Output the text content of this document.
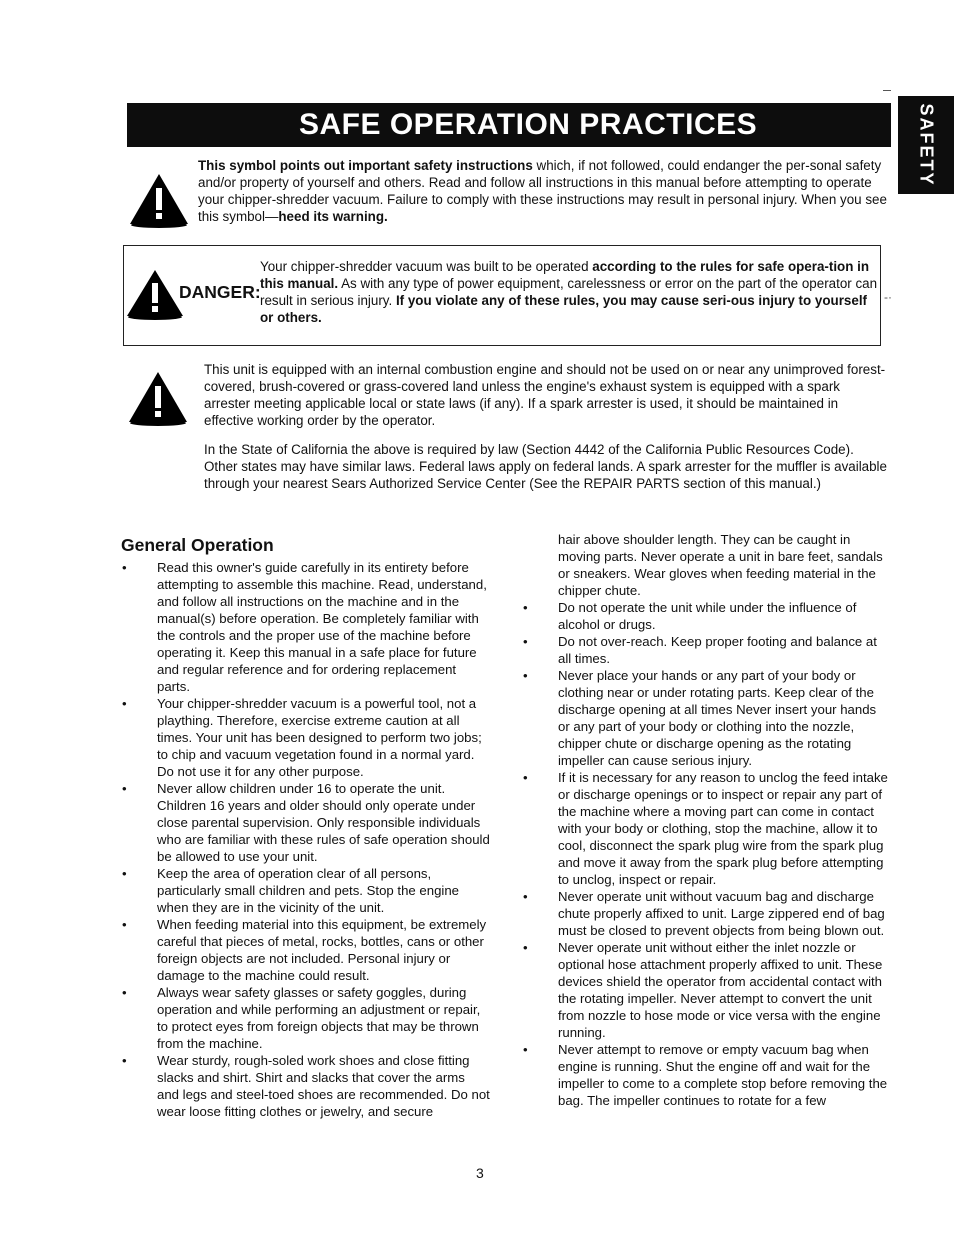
SAFE OPERATION PRACTICES	SAFETY
This symbol points out important safety instructions which, if not followed, could endanger the per-sonal safety and/or property of yourself and others. Read and follow all instructions in this manual before attempting to operate your chipper-shredder vacuum. Failure to comply with these instructions may result in personal injury. When you see this symbol—heed its warning.
DANGER:
Your chipper-shredder vacuum was built to be operated according to the rules for safe opera-tion in this manual. As with any type of power equipment, carelessness or error on the part of the operator can result in serious injury. If you violate any of these rules, you may cause seri-ous injury to yourself or others.
-·
This unit is equipped with an internal combustion engine and should not be used on or near any unimproved forest-covered, brush-covered or grass-covered land unless the engine's exhaust system is equipped with a spark arrester meeting applicable local or state laws (if any). If a spark arrester is used, it should be maintained in effective working order by the operator.
In the State of California the above is required by law (Section 4442 of the California Public Resources Code). Other states may have similar laws. Federal laws apply on federal lands. A spark arrester for the muffler is available through your nearest Sears Authorized Service Center (See the REPAIR PARTS section of this manual.)
General Operation

• Read this owner's guide carefully in its entirety before attempting to assemble this machine. Read, understand, and follow all instructions on the machine and in the manual(s) before operation. Be completely familiar with the controls and the proper use of the machine before operating it. Keep this manual in a safe place for future and regular reference and for ordering replacement parts.

• Your chipper-shredder vacuum is a powerful tool, not a plaything. Therefore, exercise extreme caution at all times. Your unit has been designed to perform two jobs; to chip and vacuum vegetation found in a normal yard. Do not use it for any other purpose.

• Never allow children under 16 to operate the unit. Children 16 years and older should only operate under close parental supervision. Only responsible individuals who are familiar with these rules of safe operation should be allowed to use your unit.

• Keep the area of operation clear of all persons, particularly small children and pets. Stop the engine when they are in the vicinity of the unit.

• When feeding material into this equipment, be extremely careful that pieces of metal, rocks, bottles, cans or other foreign objects are not included. Personal injury or damage to the machine could result.

• Always wear safety glasses or safety goggles, during operation and while performing an adjustment or repair, to protect eyes from foreign objects that may be thrown from the machine.

• Wear sturdy, rough-soled work shoes and close fitting slacks and shirt. Shirt and slacks that cover the arms and legs and steel-toed shoes are recommended. Do not wear loose fitting clothes or jewelry, and secure

hair above shoulder length. They can be caught in moving parts. Never operate a unit in bare feet, sandals or sneakers. Wear gloves when feeding material in the chipper chute.

• Do not operate the unit while under the influence of alcohol or drugs.

• Do not over-reach. Keep proper footing and balance at all times.

• Never place your hands or any part of your body or clothing near or under rotating parts. Keep clear of the discharge opening at all times Never insert your hands or any part of your body or clothing into the nozzle, chipper chute or discharge opening as the rotating impeller can cause serious injury.

• If it is necessary for any reason to unclog the feed intake or discharge openings or to inspect or repair any part of the machine where a moving part can come in contact with your body or clothing, stop the machine, allow it to cool, disconnect the spark plug wire from the spark plug and move it away from the spark plug before attempting to unclog, inspect or repair.

• Never operate unit without vacuum bag and discharge chute properly affixed to unit. Large zippered end of bag must be closed to prevent objects from being blown out.

• Never operate unit without either the inlet nozzle or optional hose attachment properly affixed to unit. These devices shield the operator from accidental contact with the rotating impeller. Never attempt to convert the unit from nozzle to hose mode or vice versa with the engine running.

• Never attempt to remove or empty vacuum bag when engine is running. Shut the engine off and wait for the impeller to come to a complete stop before removing the bag. The impeller continues to rotate for a few

3
